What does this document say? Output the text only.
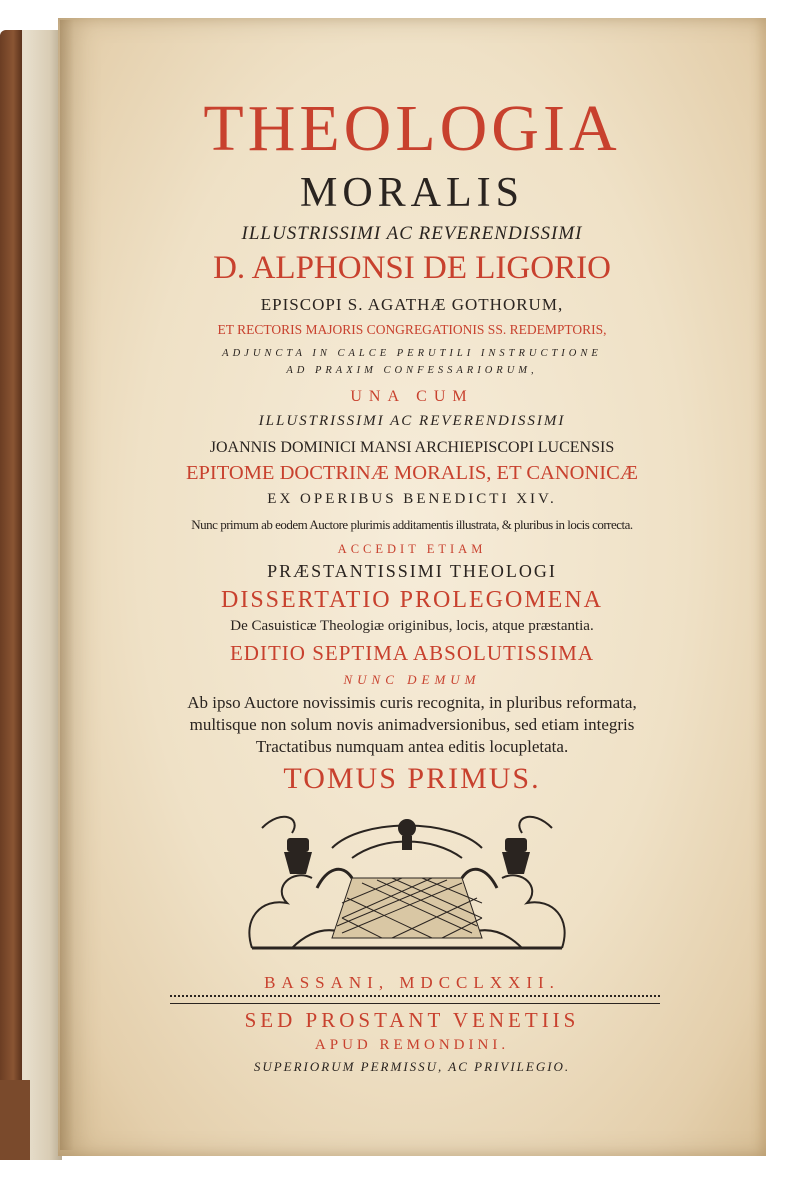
THEOLOGIA
MORALIS
ILLUSTRISSIMI AC REVERENDISSIMI
D. ALPHONSI DE LIGORIO
EPISCOPI S. AGATHÆ GOTHORUM,
ET RECTORIS MAJORIS CONGREGATIONIS SS. REDEMPTORIS,
ADJUNCTA IN CALCE PERUTILI INSTRUCTIONE
AD PRAXIM CONFESSARIORUM,
UNA CUM
ILLUSTRISSIMI AC REVERENDISSIMI
JOANNIS DOMINICI MANSI ARCHIEPISCOPI LUCENSIS
EPITOME DOCTRINÆ MORALIS, ET CANONICÆ
EX OPERIBUS BENEDICTI XIV.
Nunc primum ab eodem Auctore plurimis additamentis illustrata, & pluribus in locis correcta.
ACCEDIT ETIAM
PRÆSTANTISSIMI THEOLOGI
DISSERTATIO PROLEGOMENA
De Casuisticæ Theologiæ originibus, locis, atque præstantia.
EDITIO SEPTIMA ABSOLUTISSIMA
NUNC DEMUM
Ab ipso Auctore novissimis curis recognita, in pluribus reformata,
multisque non solum novis animadversionibus, sed etiam integris
Tractatibus numquam antea editis locupletata.
TOMUS PRIMUS.
BASSANI, MDCCLXXII.
SED PROSTANT VENETIIS
APUD REMONDINI.
SUPERIORUM PERMISSU, AC PRIVILEGIO.
